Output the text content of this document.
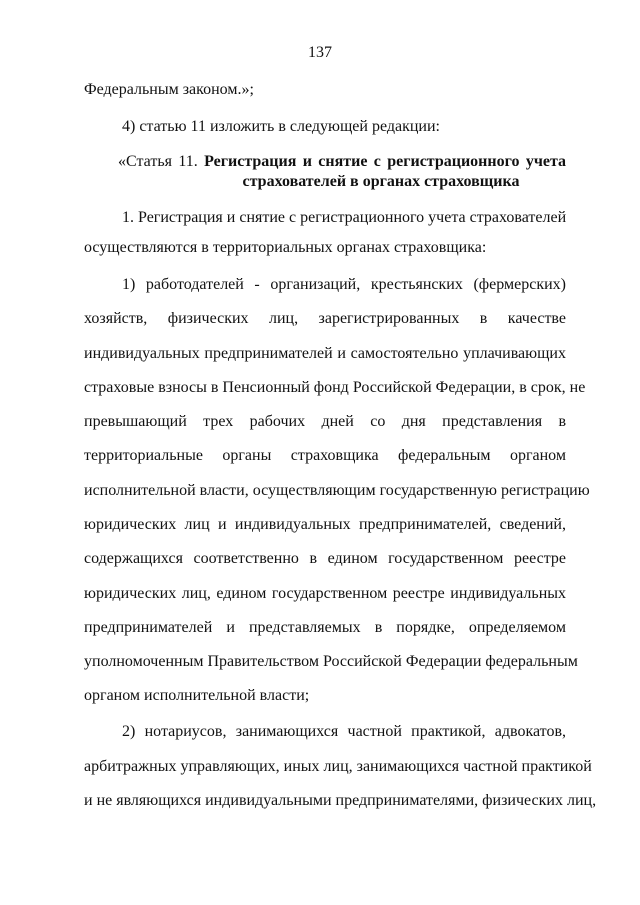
137
Федеральным законом.»;
4) статью 11 изложить в следующей редакции:
«Статья 11. Регистрация и снятие с регистрационного учета
страхователей в органах страховщика
1. Регистрация и снятие с регистрационного учета страхователей
осуществляются в территориальных органах страховщика:
1) работодателей - организаций, крестьянских (фермерских)
хозяйств, физических лиц, зарегистрированных в качестве
индивидуальных предпринимателей и самостоятельно уплачивающих
страховые взносы в Пенсионный фонд Российской Федерации, в срок, не
превышающий трех рабочих дней со дня представления в
территориальные органы страховщика федеральным органом
исполнительной власти, осуществляющим государственную регистрацию
юридических лиц и индивидуальных предпринимателей, сведений,
содержащихся соответственно в едином государственном реестре
юридических лиц, едином государственном реестре индивидуальных
предпринимателей и представляемых в порядке, определяемом
уполномоченным Правительством Российской Федерации федеральным
органом исполнительной власти;
2) нотариусов, занимающихся частной практикой, адвокатов,
арбитражных управляющих, иных лиц, занимающихся частной практикой
и не являющихся индивидуальными предпринимателями, физических лиц,
